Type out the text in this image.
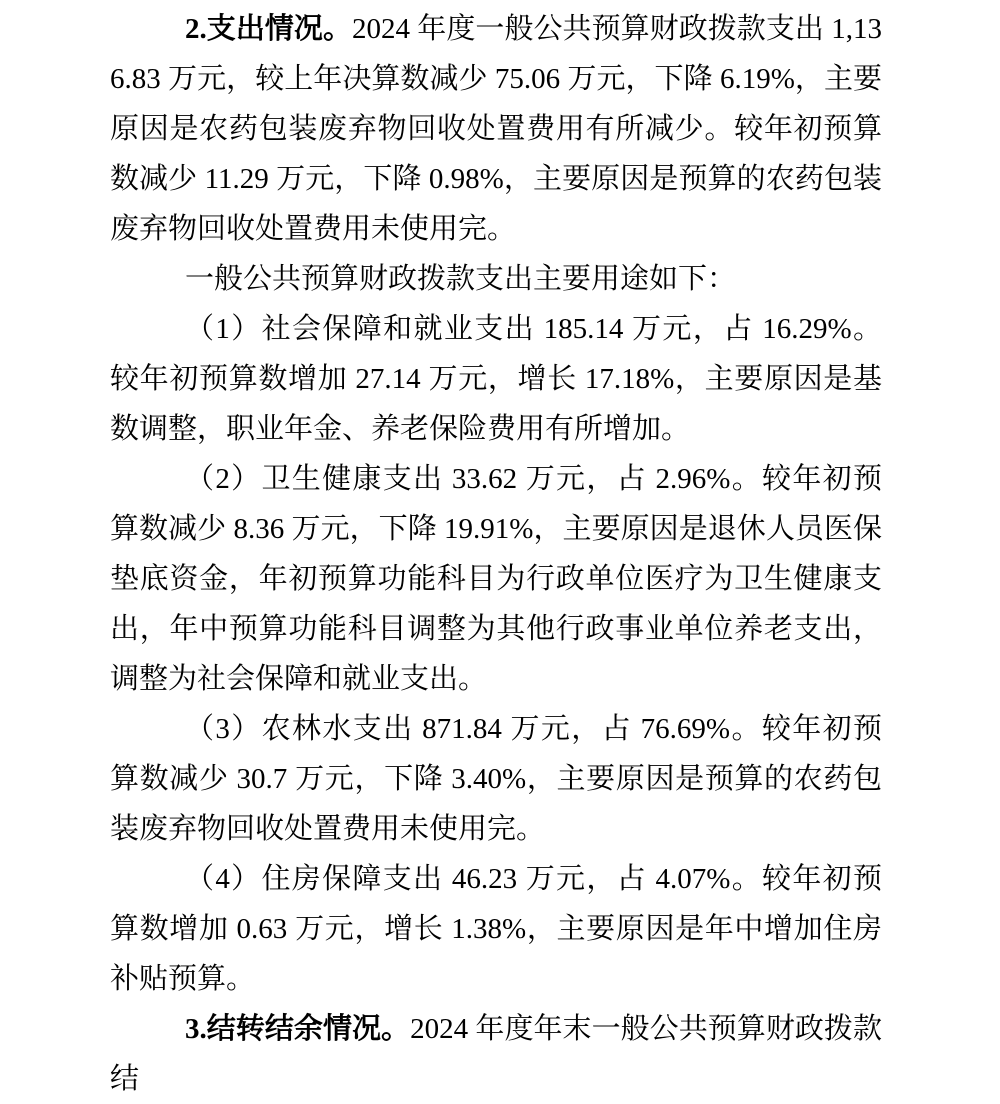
2.支出情况。2024 年度一般公共预算财政拨款支出 1,136.83 万元，较上年决算数减少 75.06 万元，下降 6.19%，主要原因是农药包装废弃物回收处置费用有所减少。较年初预算数减少 11.29 万元，下降 0.98%，主要原因是预算的农药包装废弃物回收处置费用未使用完。

一般公共预算财政拨款支出主要用途如下：

（1）社会保障和就业支出 185.14 万元，占 16.29%。较年初预算数增加 27.14 万元，增长 17.18%，主要原因是基数调整，职业年金、养老保险费用有所增加。

（2）卫生健康支出 33.62 万元，占 2.96%。较年初预算数减少 8.36 万元，下降 19.91%，主要原因是退休人员医保垫底资金，年初预算功能科目为行政单位医疗为卫生健康支出，年中预算功能科目调整为其他行政事业单位养老支出，调整为社会保障和就业支出。

（3）农林水支出 871.84 万元，占 76.69%。较年初预算数减少 30.7 万元，下降 3.40%，主要原因是预算的农药包装废弃物回收处置费用未使用完。

（4）住房保障支出 46.23 万元，占 4.07%。较年初预算数增加 0.63 万元，增长 1.38%，主要原因是年中增加住房补贴预算。

3.结转结余情况。2024 年度年末一般公共预算财政拨款结
